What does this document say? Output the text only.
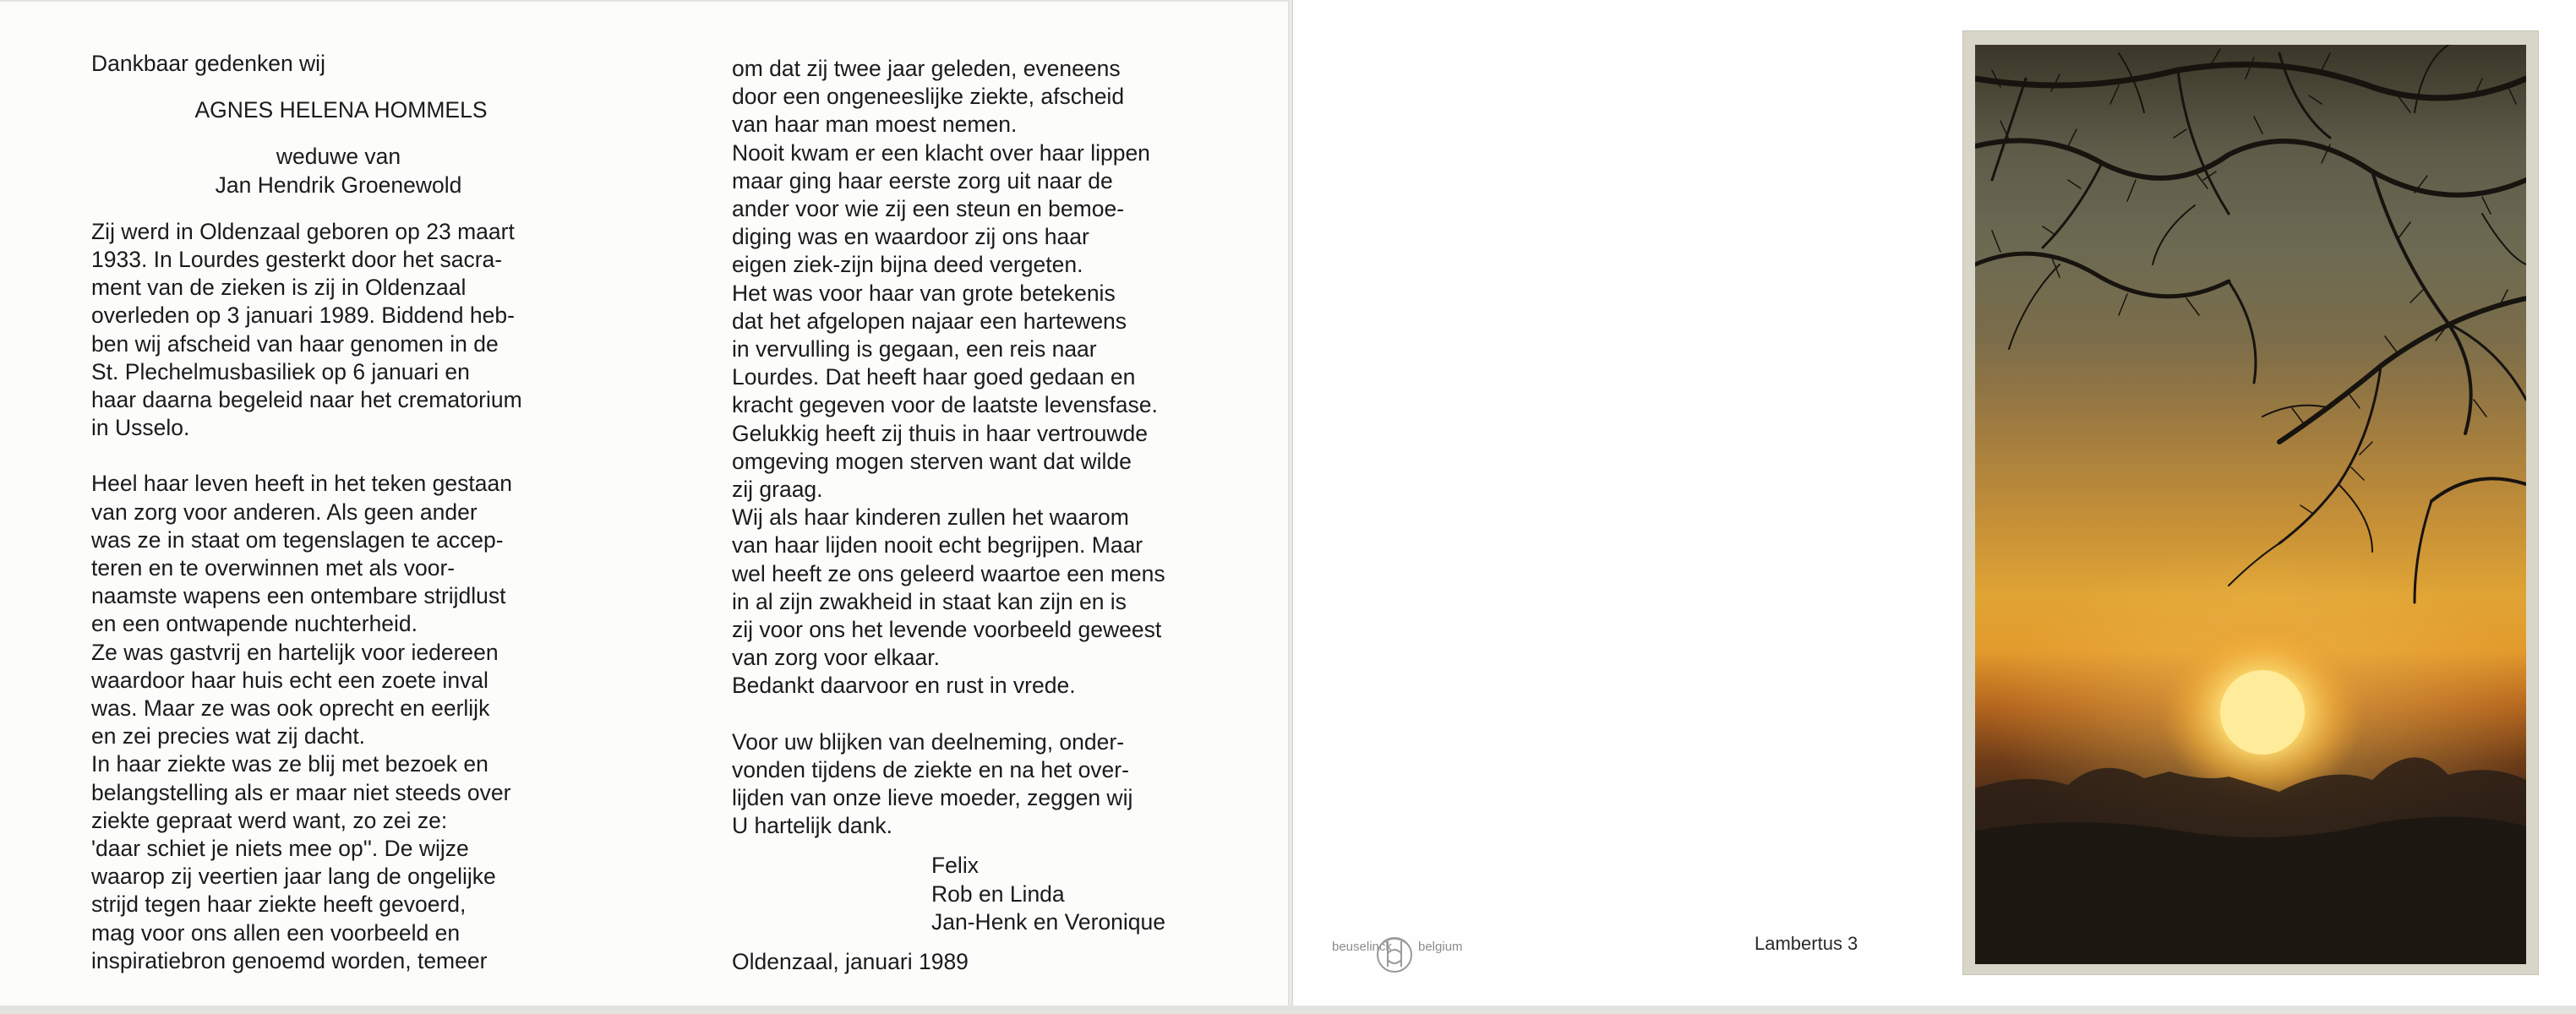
Dankbaar gedenken wij
AGNES HELENA HOMMELS
weduwe van
Jan Hendrik Groenewold
Zij werd in Oldenzaal geboren op 23 maart
1933. In Lourdes gesterkt door het sacra-
ment van de zieken is zij in Oldenzaal
overleden op 3 januari 1989. Biddend heb-
ben wij afscheid van haar genomen in de
St. Plechelmusbasiliek op 6 januari en
haar daarna begeleid naar het crematorium
in Usselo.
Heel haar leven heeft in het teken gestaan
van zorg voor anderen. Als geen ander
was ze in staat om tegenslagen te accep-
teren en te overwinnen met als voor-
naamste wapens een ontembare strijdlust
en een ontwapende nuchterheid.
Ze was gastvrij en hartelijk voor iedereen
waardoor haar huis echt een zoete inval
was. Maar ze was ook oprecht en eerlijk
en zei precies wat zij dacht.
In haar ziekte was ze blij met bezoek en
belangstelling als er maar niet steeds over
ziekte gepraat werd want, zo zei ze:
'daar schiet je niets mee op''. De wijze
waarop zij veertien jaar lang de ongelijke
strijd tegen haar ziekte heeft gevoerd,
mag voor ons allen een voorbeeld en
inspiratiebron genoemd worden, temeer
om dat zij twee jaar geleden, eveneens
door een ongeneeslijke ziekte, afscheid
van haar man moest nemen.
Nooit kwam er een klacht over haar lippen
maar ging haar eerste zorg uit naar de
ander voor wie zij een steun en bemoe-
diging was en waardoor zij ons haar
eigen ziek-zijn bijna deed vergeten.
Het was voor haar van grote betekenis
dat het afgelopen najaar een hartewens
in vervulling is gegaan, een reis naar
Lourdes. Dat heeft haar goed gedaan en
kracht gegeven voor de laatste levensfase.
Gelukkig heeft zij thuis in haar vertrouwde
omgeving mogen sterven want dat wilde
zij graag.
Wij als haar kinderen zullen het waarom
van haar lijden nooit echt begrijpen. Maar
wel heeft ze ons geleerd waartoe een mens
in al zijn zwakheid in staat kan zijn en is
zij voor ons het levende voorbeeld geweest
van zorg voor elkaar.
Bedankt daarvoor en rust in vrede.
Voor uw blijken van deelneming, onder-
vonden tijdens de ziekte en na het over-
lijden van onze lieve moeder, zeggen wij
U hartelijk dank.
Felix
Rob en Linda
Jan-Henk en Veronique
Oldenzaal, januari 1989
beuselinck belgium	Lambertus 3
